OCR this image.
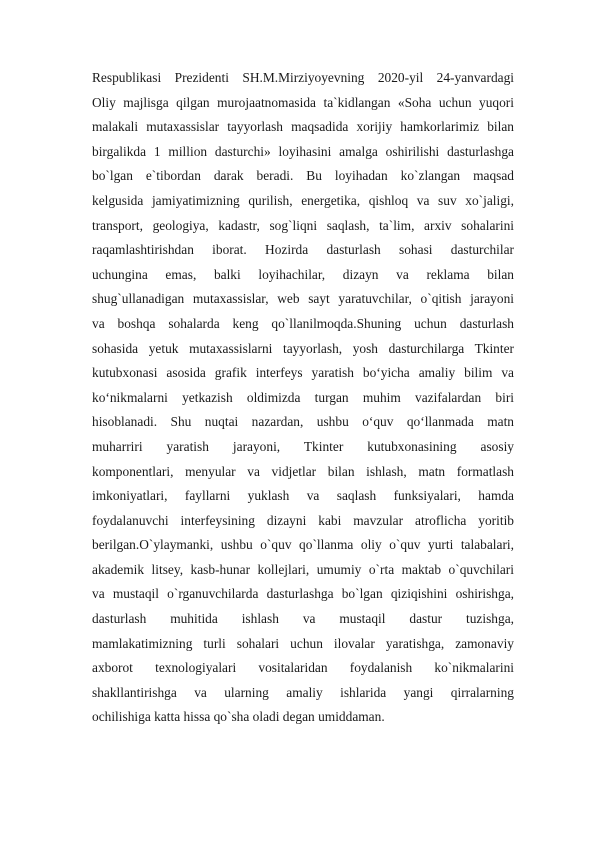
Respublikasi Prezidenti SH.M.Mirziyoyevning 2020-yil 24-yanvardagi
Oliy majlisga qilgan murojaatnomasida ta`kidlangan «Soha uchun yuqori
malakali mutaxassislar tayyorlash maqsadida xorijiy hamkorlarimiz bilan
birgalikda 1 million dasturchi» loyihasini amalga oshirilishi dasturlashga
bo`lgan e`tibordan darak beradi. Bu loyihadan ko`zlangan maqsad
kelgusida jamiyatimizning qurilish, energetika, qishloq va suv xo`jaligi,
transport, geologiya, kadastr, sog`liqni saqlash, ta`lim, arxiv sohalarini
raqamlashtirishdan iborat. Hozirda dasturlash sohasi dasturchilar
uchungina emas, balki loyihachilar, dizayn va reklama bilan
shug`ullanadigan mutaxassislar, web sayt yaratuvchilar, o`qitish jarayoni
va boshqa sohalarda keng qo`llanilmoqda.Shuning uchun dasturlash
sohasida yetuk mutaxassislarni tayyorlash, yosh dasturchilarga Tkinter
kutubxonasi asosida grafik interfeys yaratish bo‘yicha amaliy bilim va
ko‘nikmalarni yetkazish oldimizda turgan muhim vazifalardan biri
hisoblanadi. Shu nuqtai nazardan, ushbu o‘quv qo‘llanmada matn
muharriri yaratish jarayoni, Tkinter kutubxonasining asosiy
komponentlari, menyular va vidjetlar bilan ishlash, matn formatlash
imkoniyatlari, fayllarni yuklash va saqlash funksiyalari, hamda
foydalanuvchi interfeysining dizayni kabi mavzular atroflicha yoritib
berilgan.O`ylaymanki, ushbu o`quv qo`llanma oliy o`quv yurti talabalari,
akademik litsey, kasb-hunar kollejlari, umumiy o`rta maktab o`quvchilari
va mustaqil o`rganuvchilarda dasturlashga bo`lgan qiziqishini oshirishga,
dasturlash muhitida ishlash va mustaqil dastur tuzishga,
mamlakatimizning turli sohalari uchun ilovalar yaratishga, zamonaviy
axborot texnologiyalari vositalaridan foydalanish ko`nikmalarini
shakllantirishga va ularning amaliy ishlarida yangi qirralarning
ochilishiga katta hissa qo`sha oladi degan umiddaman.
